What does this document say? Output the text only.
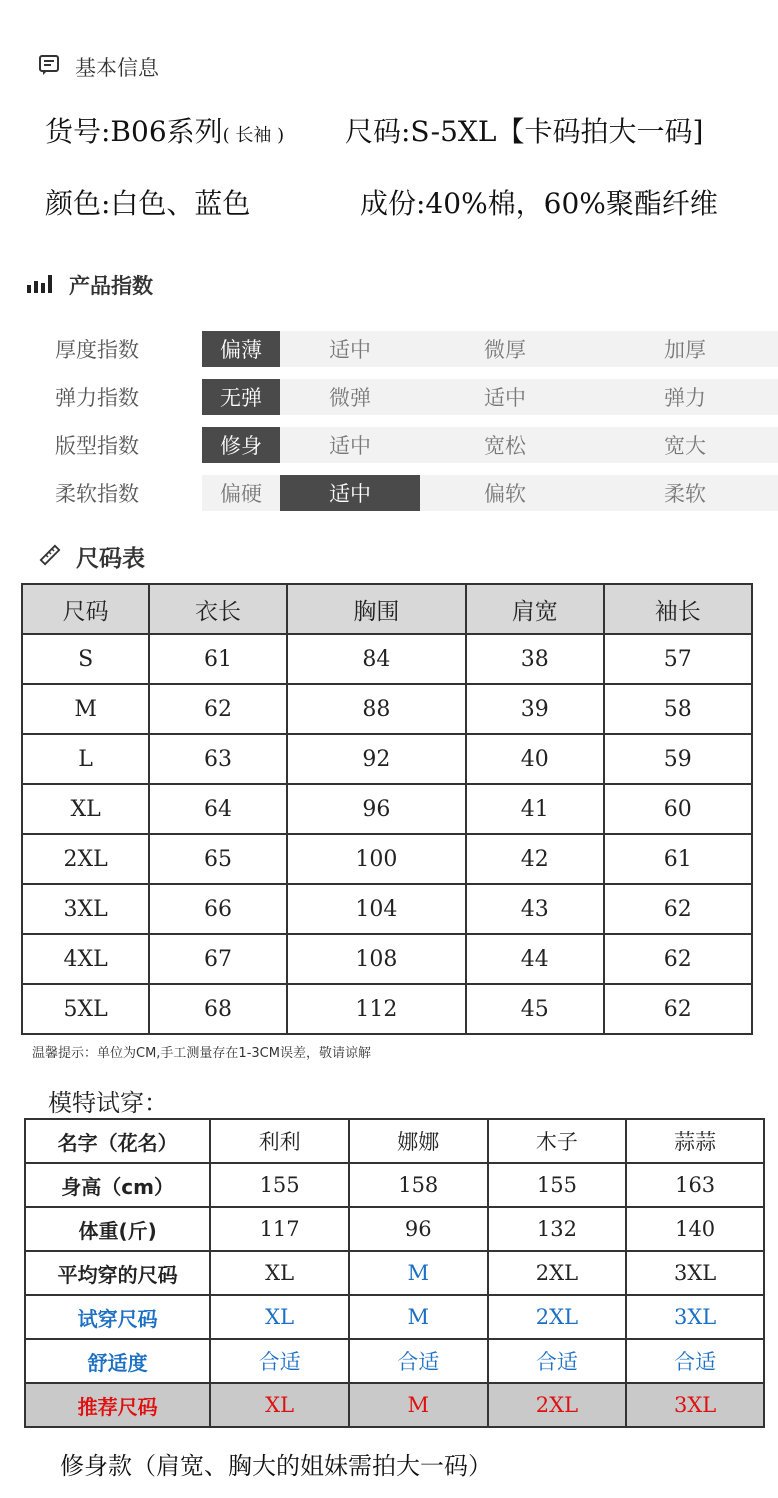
基本信息
货号:B06系列( 长袖 ) 尺码:S-5XL【卡码拍大一码]
颜色:白色、蓝色	成份:40%棉，60%聚酯纤维
产品指数
厚度指数	偏薄	适中	微厚	加厚
弹力指数	无弹	微弹	适中	弹力
版型指数	修身	适中	宽松	宽大
柔软指数	偏硬	适中	偏软	柔软
尺码表
尺码	衣长	胸围	肩宽	袖长
S	61	84	38	57
M	62	88	39	58
L	63	92	40	59
XL	64	96	41	60
2XL	65	100	42	61
3XL	66	104	43	62
4XL	67	108	44	62
5XL	68	112	45	62
温馨提示：单位为CM,手工测量存在1-3CM误差，敬请谅解
模特试穿：
名字（花名）	利利	娜娜	木子	蒜蒜
身高（cm）	155	158	155	163
体重(斤)	117	96	132	140
平均穿的尺码	XL	M	2XL	3XL
试穿尺码	XL	M	2XL	3XL
舒适度	合适	合适	合适	合适
推荐尺码	XL	M	2XL	3XL
修身款（肩宽、胸大的姐妹需拍大一码）
